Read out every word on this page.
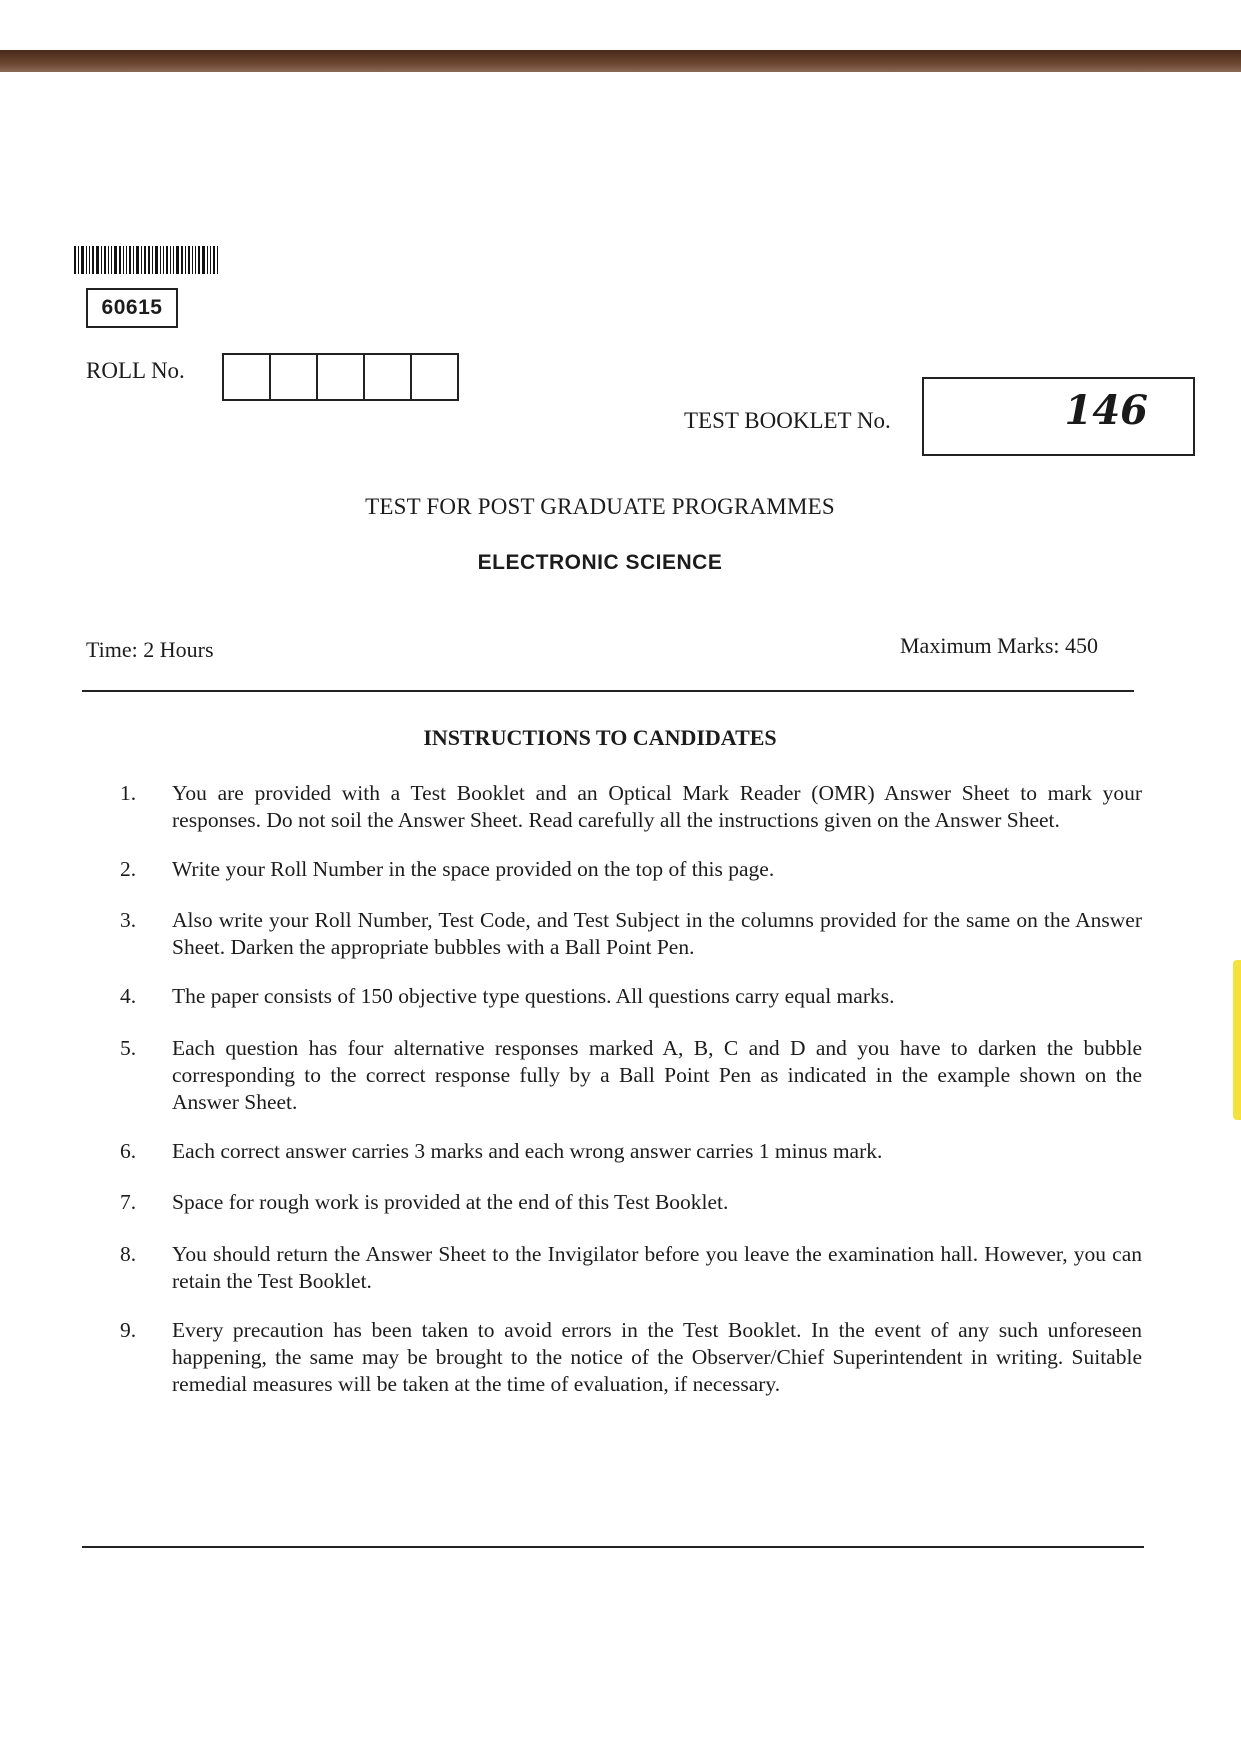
60615
ROLL No.
TEST BOOKLET No.	146
TEST FOR POST GRADUATE PROGRAMMES
ELECTRONIC SCIENCE
Time: 2 Hours	Maximum Marks: 450
INSTRUCTIONS TO CANDIDATES
1.	You are provided with a Test Booklet and an Optical Mark Reader (OMR) Answer Sheet to mark your responses. Do not soil the Answer Sheet. Read carefully all the instructions given on the Answer Sheet.
2.	Write your Roll Number in the space provided on the top of this page.
3.	Also write your Roll Number, Test Code, and Test Subject in the columns provided for the same on the Answer Sheet. Darken the appropriate bubbles with a Ball Point Pen.
4.	The paper consists of 150 objective type questions. All questions carry equal marks.
5.	Each question has four alternative responses marked A, B, C and D and you have to darken the bubble corresponding to the correct response fully by a Ball Point Pen as indicated in the example shown on the Answer Sheet.
6.	Each correct answer carries 3 marks and each wrong answer carries 1 minus mark.
7.	Space for rough work is provided at the end of this Test Booklet.
8.	You should return the Answer Sheet to the Invigilator before you leave the examination hall. However, you can retain the Test Booklet.
9.	Every precaution has been taken to avoid errors in the Test Booklet. In the event of any such unforeseen happening, the same may be brought to the notice of the Observer/Chief Superintendent in writing. Suitable remedial measures will be taken at the time of evaluation, if necessary.
